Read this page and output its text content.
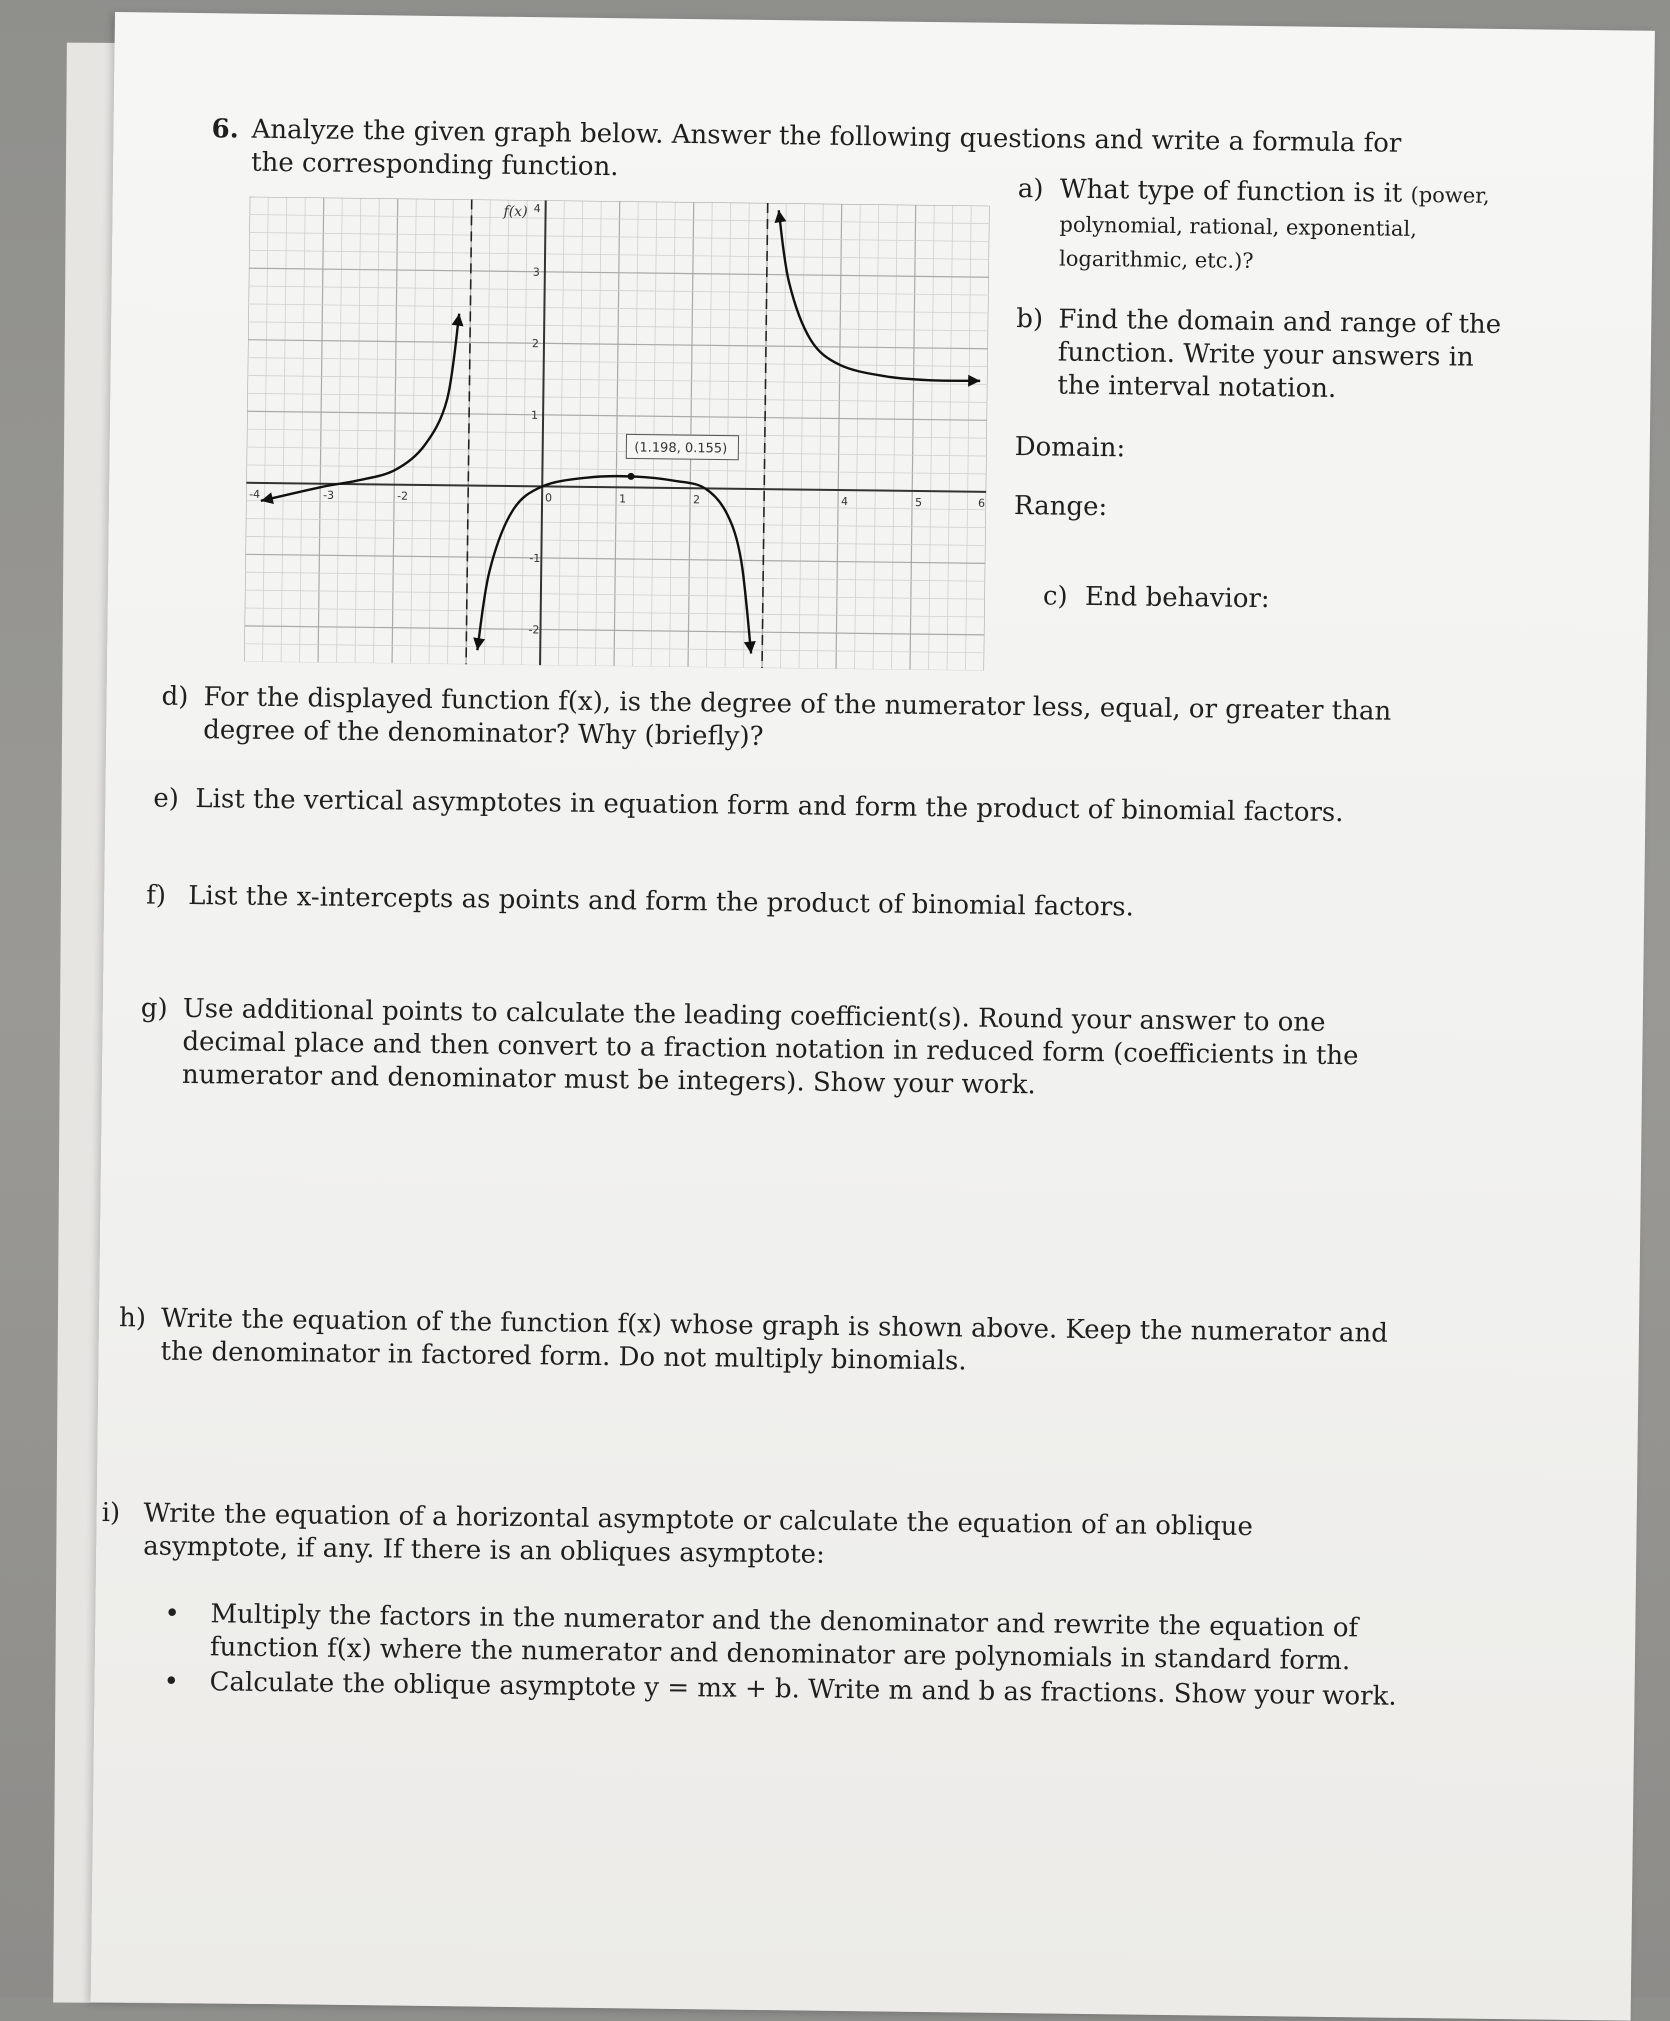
6. Analyze the given graph below. Answer the following questions and write a formula for the corresponding function.
f(x)
-4	-3	-2	0	1	2	4	5	6
4
3
2
1
-1
-2
(1.198, 0.155)
a) What type of function is it (power, polynomial, rational, exponential, logarithmic, etc.)?
b) Find the domain and range of the function. Write your answers in the interval notation.
Domain:
Range:
c) End behavior:
d) For the displayed function f(x), is the degree of the numerator less, equal, or greater than degree of the denominator? Why (briefly)?
e) List the vertical asymptotes in equation form and form the product of binomial factors.
f) List the x-intercepts as points and form the product of binomial factors.
g) Use additional points to calculate the leading coefficient(s). Round your answer to one decimal place and then convert to a fraction notation in reduced form (coefficients in the numerator and denominator must be integers). Show your work.
h) Write the equation of the function f(x) whose graph is shown above. Keep the numerator and the denominator in factored form. Do not multiply binomials.
i) Write the equation of a horizontal asymptote or calculate the equation of an oblique asymptote, if any. If there is an obliques asymptote:
• Multiply the factors in the numerator and the denominator and rewrite the equation of function f(x) where the numerator and denominator are polynomials in standard form.
• Calculate the oblique asymptote y = mx + b. Write m and b as fractions. Show your work.
